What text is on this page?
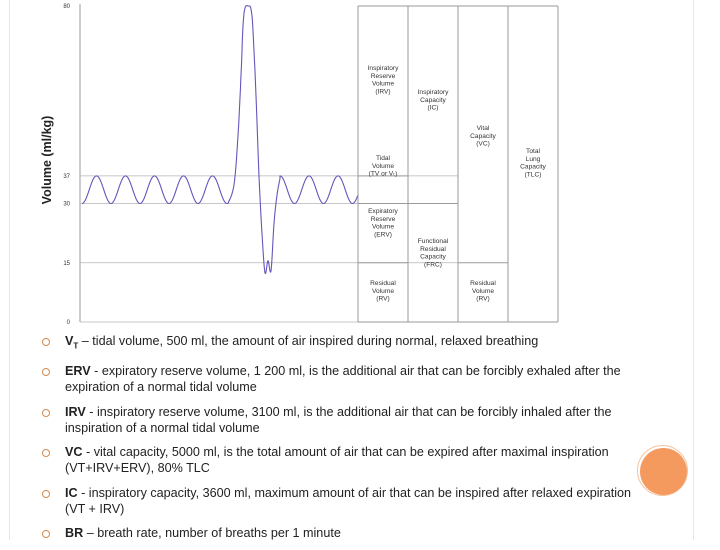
Volume (ml/kg)
80
37
30
15
0
Inspiratory Reserve Volume (IRV)
Tidal Volume (TV or Vₜ)
Expiratory Reserve Volume (ERV)
Residual Volume (RV)
Inspiratory Capacity (IC)
Functional Residual Capacity (FRC)
Vital Capacity (VC)
Residual Volume (RV)
Total Lung Capacity (TLC)
$V_T$ – tidal volume, 500 ml, the amount of air inspired during normal, relaxed breathing
ERV - expiratory reserve volume, 1 200 ml, is the additional air that can be forcibly exhaled after the expiration of a normal tidal volume
IRV - inspiratory reserve volume, 3100 ml, is the additional air that can be forcibly inhaled after the inspiration of a normal tidal volume
VC - vital capacity, 5000 ml, is the total amount of air that can be expired after maximal inspiration (VT+IRV+ERV), 80% TLC
IC - inspiratory capacity, 3600 ml, maximum amount of air that can be inspired after relaxed expiration (VT + IRV)
BR – breath rate, number of breaths per 1 minute
